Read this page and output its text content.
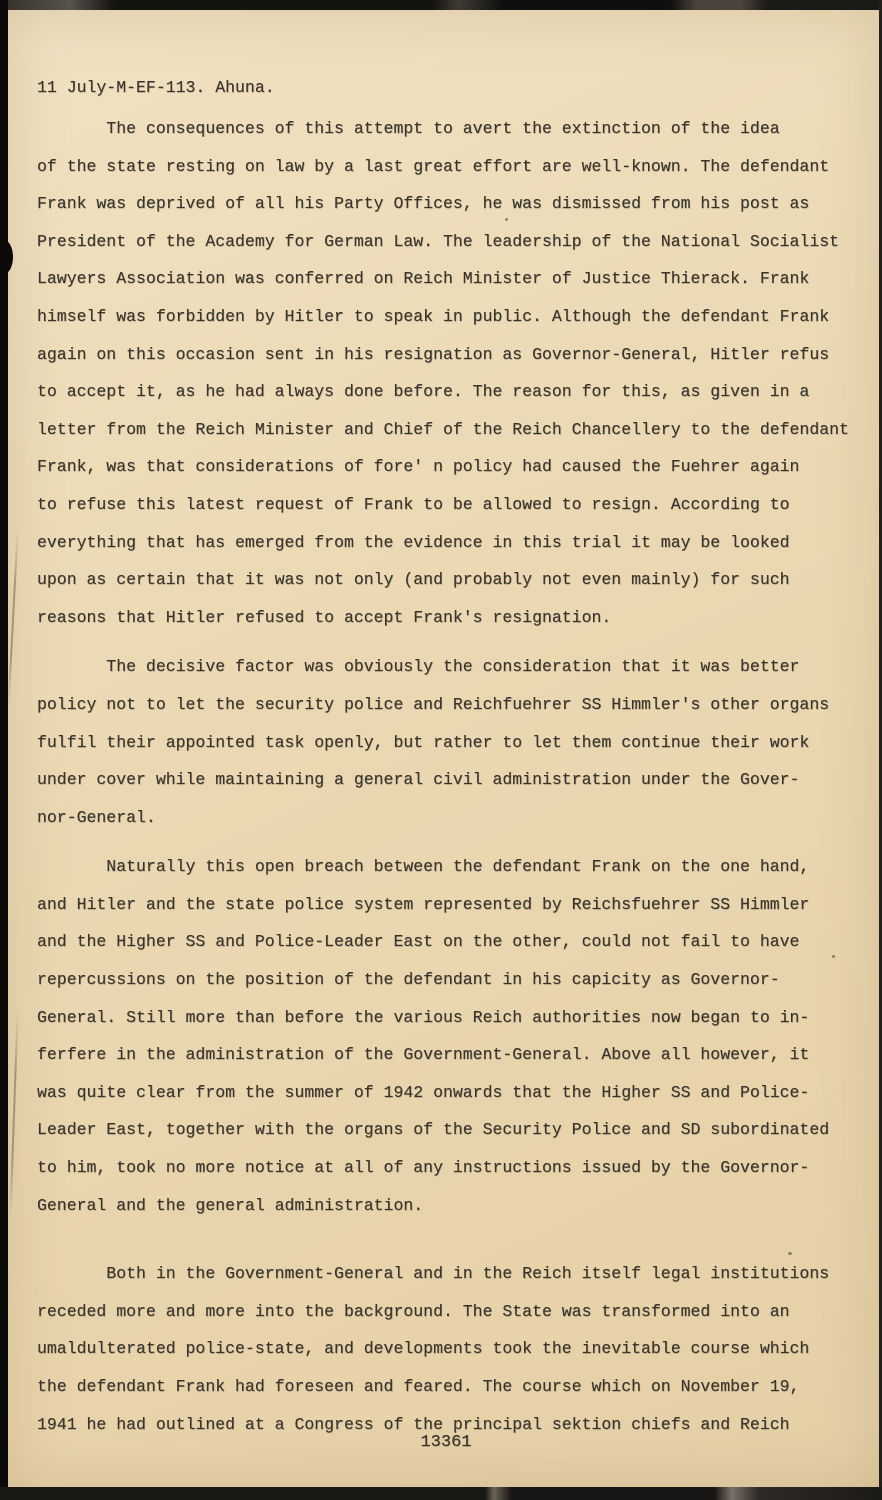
11 July-M-EF-113. Ahuna.
The consequences of this attempt to avert the extinction of the idea
of the state resting on law by a last great effort are well-known. The defendant
Frank was deprived of all his Party Offices, he was dismissed from his post as
President of the Academy for German Law. The leadership of the National Socialist
Lawyers Association was conferred on Reich Minister of Justice Thierack. Frank
himself was forbidden by Hitler to speak in public. Although the defendant Frank
again on this occasion sent in his resignation as Governor-General, Hitler refus
to accept it, as he had always done before. The reason for this, as given in a
letter from the Reich Minister and Chief of the Reich Chancellery to the defendant
Frank, was that considerations of fore' n policy had caused the Fuehrer again
to refuse this latest request of Frank to be allowed to resign. According to
everything that has emerged from the evidence in this trial it may be looked
upon as certain that it was not only (and probably not even mainly) for such
reasons that Hitler refused to accept Frank's resignation.
The decisive factor was obviously the consideration that it was better
policy not to let the security police and Reichfuehrer SS Himmler's other organs
fulfil their appointed task openly, but rather to let them continue their work
under cover while maintaining a general civil administration under the Gover-
nor-General.
Naturally this open breach between the defendant Frank on the one hand,
and Hitler and the state police system represented by Reichsfuehrer SS Himmler
and the Higher SS and Police-Leader East on the other, could not fail to have
repercussions on the position of the defendant in his capicity as Governor-
General. Still more than before the various Reich authorities now began to in-
ferfere in the administration of the Government-General. Above all however, it
was quite clear from the summer of 1942 onwards that the Higher SS and Police-
Leader East, together with the organs of the Security Police and SD subordinated
to him, took no more notice at all of any instructions issued by the Governor-
General and the general administration.
Both in the Government-General and in the Reich itself legal institutions
receded more and more into the background. The State was transformed into an
umaldulterated police-state, and developments took the inevitable course which
the defendant Frank had foreseen and feared. The course which on November 19,
1941 he had outlined at a Congress of the principal sektion chiefs and Reich
13361
